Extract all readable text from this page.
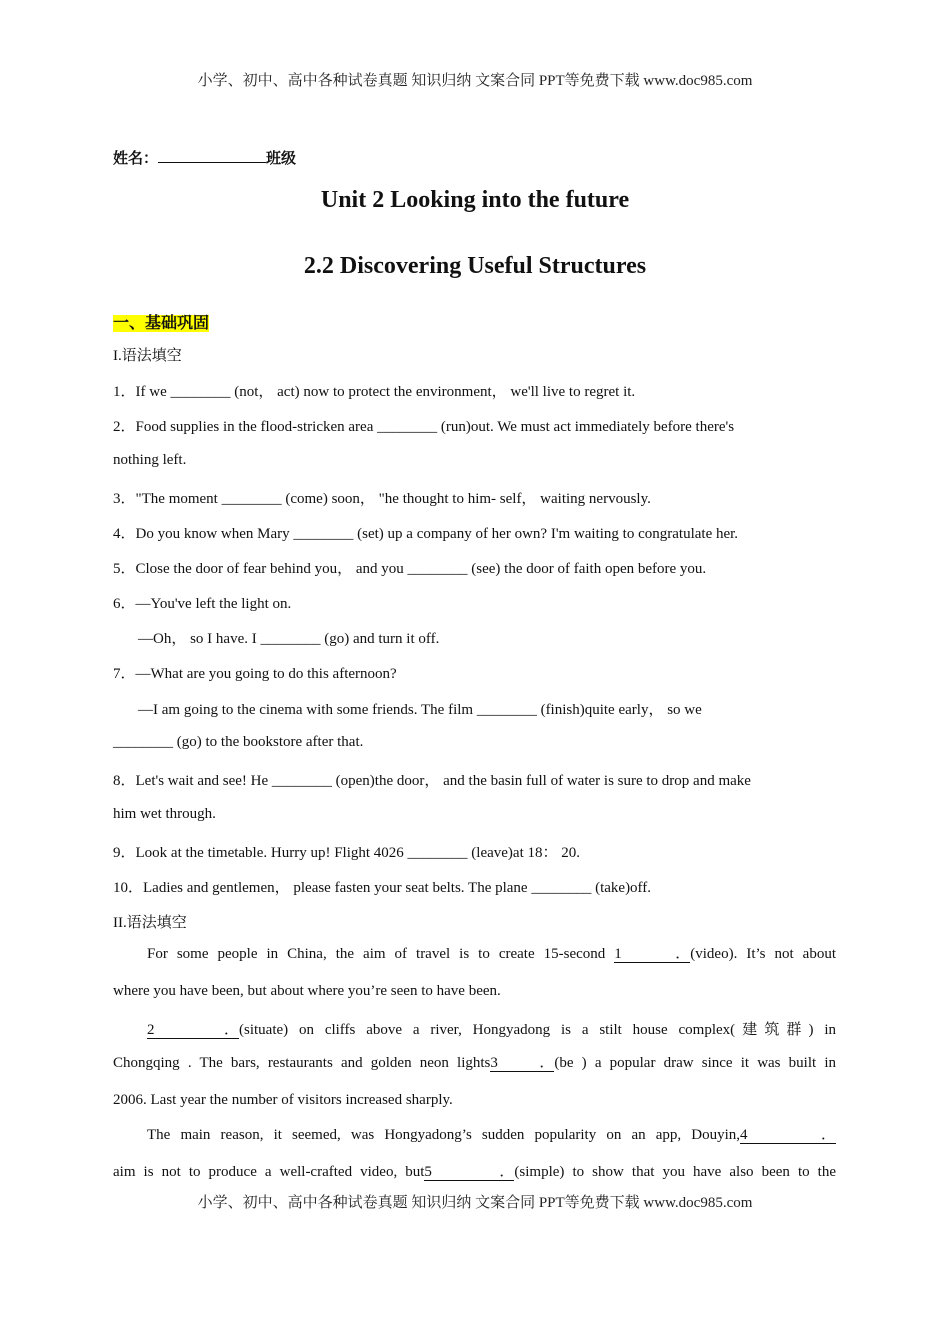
小学、初中、高中各种试卷真题 知识归纳 文案合同 PPT等免费下载 www.doc985.com
姓名：	班级
Unit 2 Looking into the future
2.2 Discovering Useful Structures
一、基础巩固
I.语法填空
1．If we ________ (not， act) now to protect the environment， we'll live to regret it.
2．Food supplies in the flood-stricken area ________ (run)out. We must act immediately before there's
nothing left.
3．"The moment ________ (come) soon， "he thought to him- self， waiting nervously.
4．Do you know when Mary ________ (set) up a company of her own? I'm waiting to congratulate her.
5．Close the door of fear behind you， and you ________ (see) the door of faith open before you.
6．—You've left the light on.
—Oh， so I have. I ________ (go) and turn it off.
7．—What are you going to do this afternoon?
—I am going to the cinema with some friends. The film ________ (finish)quite early， so we
________ (go) to the bookstore after that.
8．Let's wait and see! He ________ (open)the door， and the basin full of water is sure to drop and make
him wet through.
9．Look at the timetable. Hurry up! Flight 4026 ________ (leave)at 18： 20.
10．Ladies and gentlemen， please fasten your seat belts. The plane ________ (take)off.
II.语法填空
For some people in China, the aim of travel is to create 15-second 1．(video). It’s not about
where you have been, but about where you’re seen to have been.
2．(situate) on cliffs above a river, Hongyadong is a stilt house complex(建筑群) in
Chongqing . The bars, restaurants and golden neon lights3．(be ) a popular draw since it was built in
2006. Last year the number of visitors increased sharply.
The main reason, it seemed, was Hongyadong’s sudden popularity on an app, Douyin,4．
aim is not to produce a well-crafted video, but5．(simple) to show that you have also been to the
小学、初中、高中各种试卷真题 知识归纳 文案合同 PPT等免费下载 www.doc985.com
